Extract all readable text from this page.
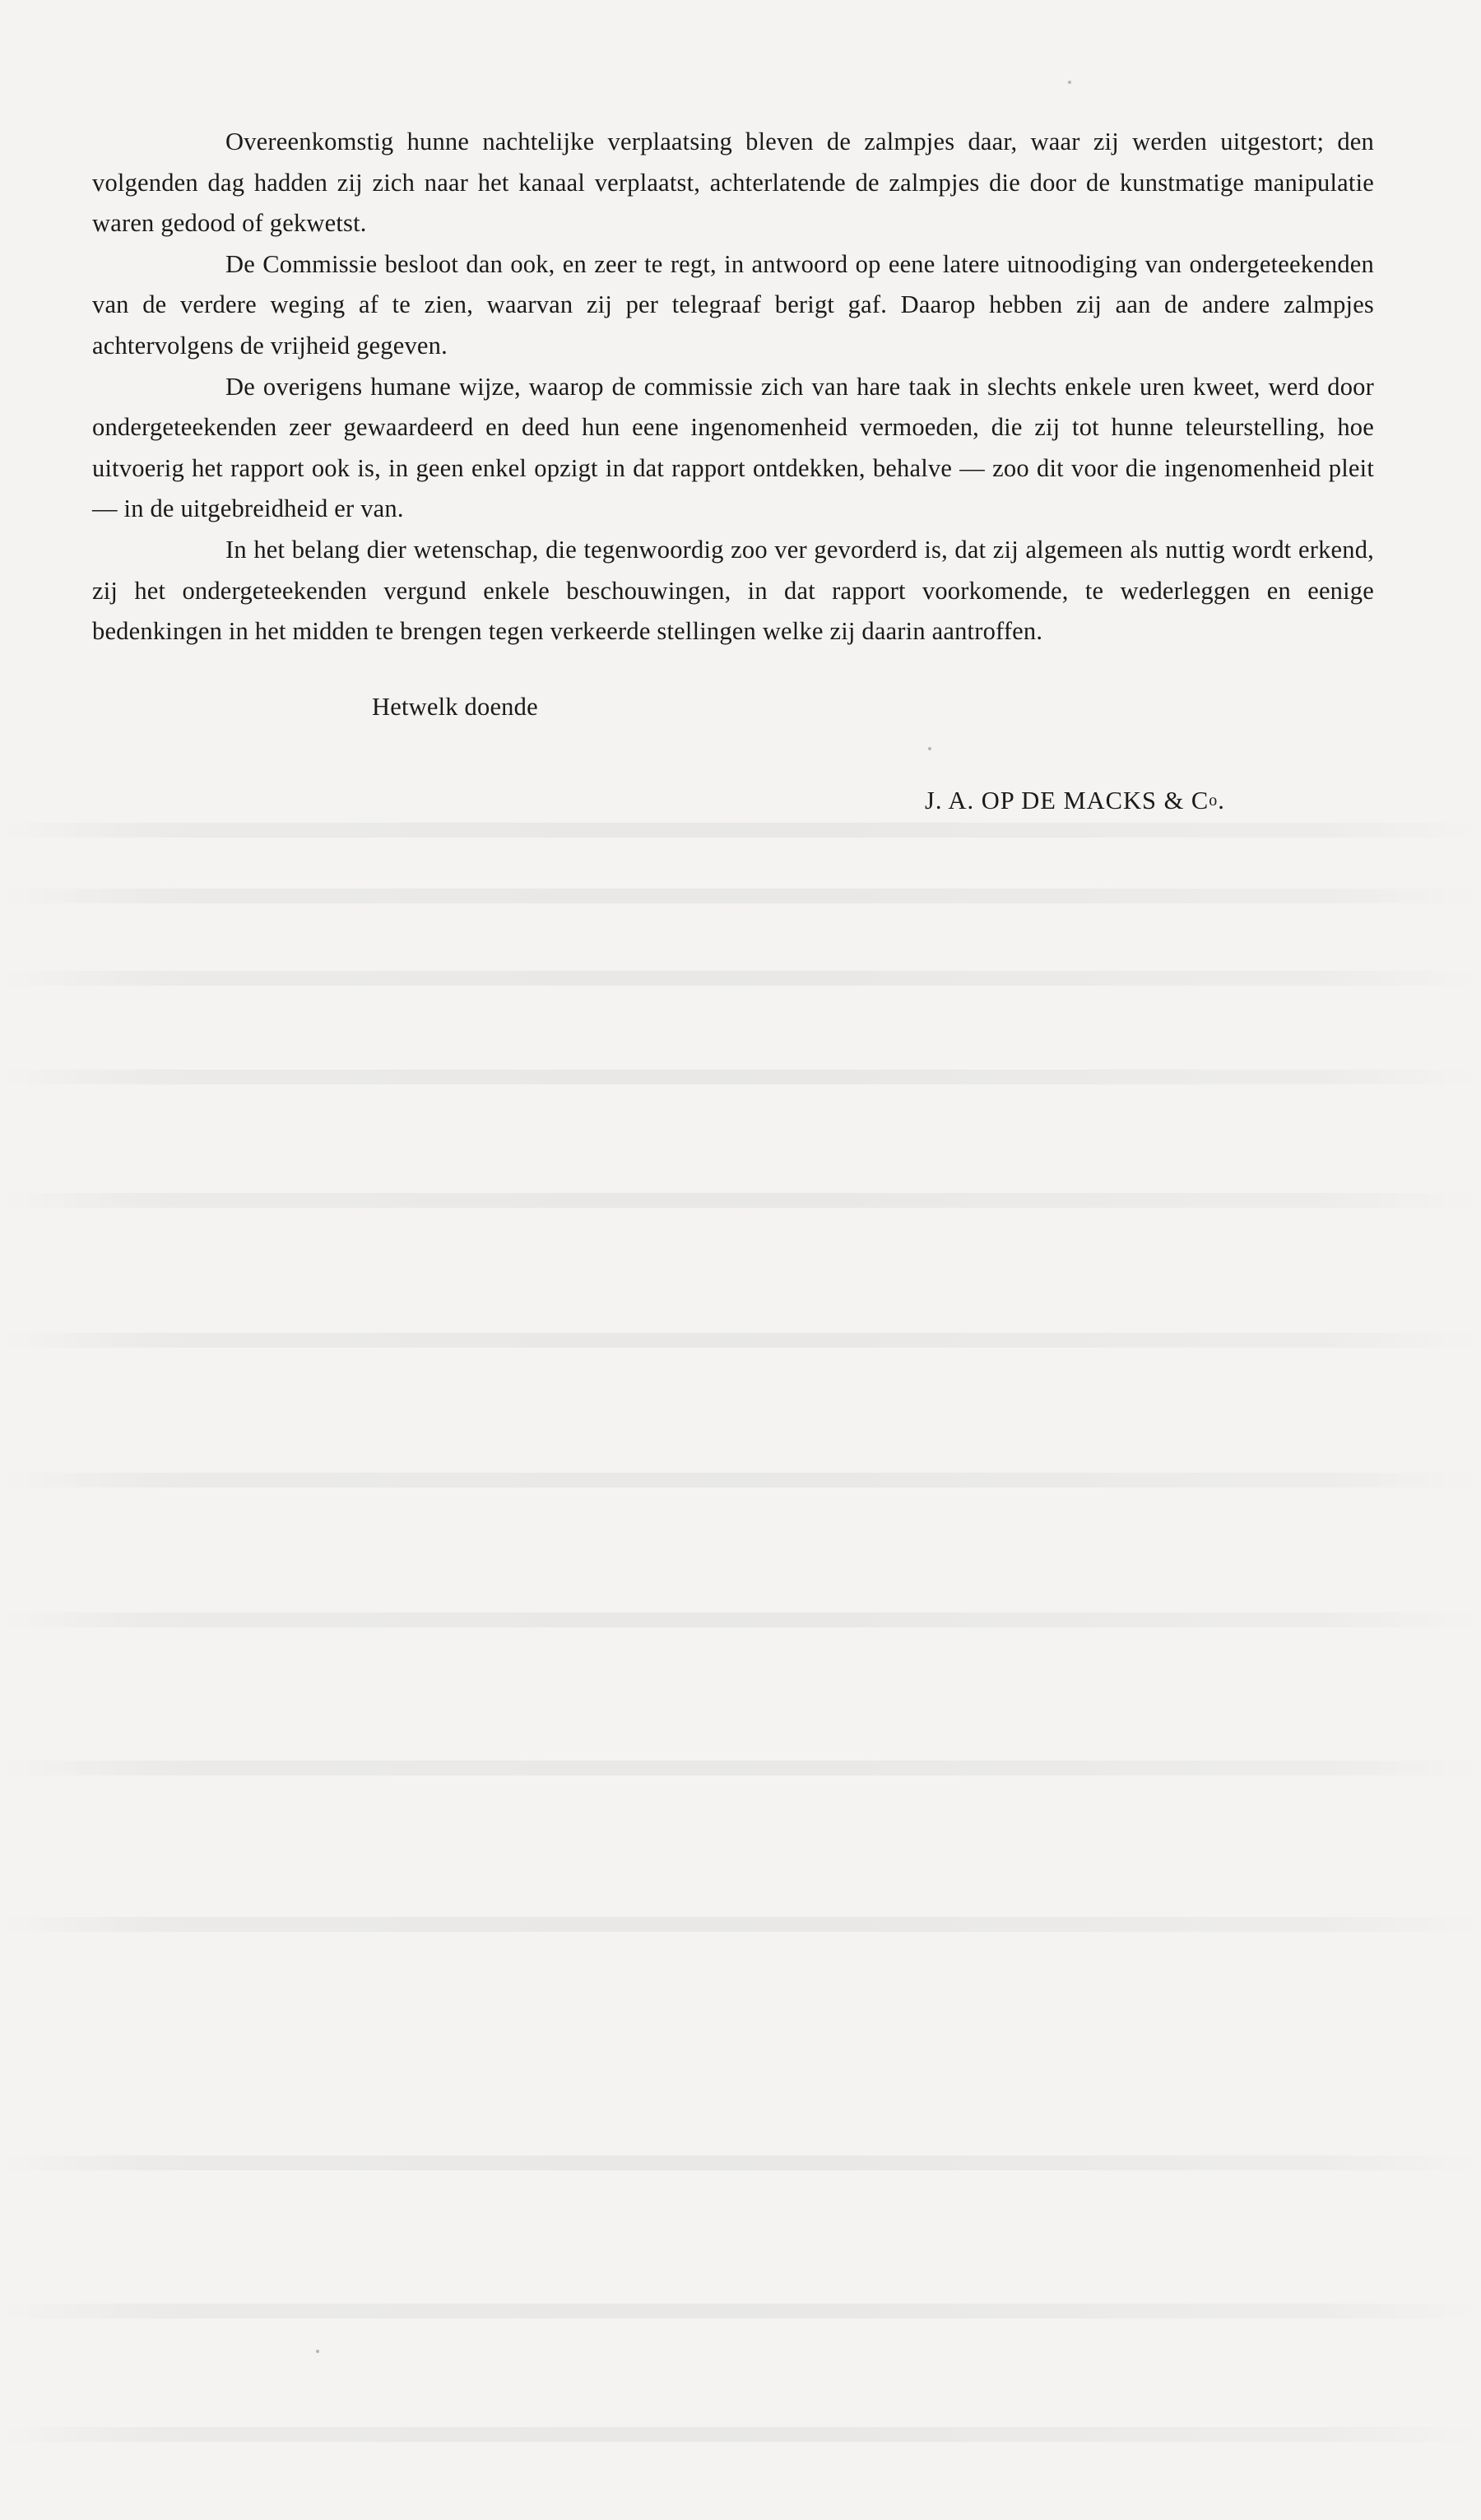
Overeenkomstig hunne nachtelijke verplaatsing bleven de zalmpjes daar, waar zij werden uitgestort; den volgenden dag hadden zij zich naar het kanaal verplaatst, achterlatende de zalmpjes die door de kunstmatige manipulatie waren gedood of gekwetst.

De Commissie besloot dan ook, en zeer te regt, in antwoord op eene latere uitnoodiging van ondergeteekenden van de verdere weging af te zien, waarvan zij per telegraaf berigt gaf. Daarop hebben zij aan de andere zalmpjes achtervolgens de vrijheid gegeven.

De overigens humane wijze, waarop de commissie zich van hare taak in slechts enkele uren kweet, werd door ondergeteekenden zeer gewaardeerd en deed hun eene ingenomenheid vermoeden, die zij tot hunne teleurstelling, hoe uitvoerig het rapport ook is, in geen enkel opzigt in dat rapport ontdekken, behalve — zoo dit voor die ingenomenheid pleit — in de uitgebreidheid er van.

In het belang dier wetenschap, die tegenwoordig zoo ver gevorderd is, dat zij algemeen als nuttig wordt erkend, zij het ondergeteekenden vergund enkele beschouwingen, in dat rapport voorkomende, te wederleggen en eenige bedenkingen in het midden te brengen tegen verkeerde stellingen welke zij daarin aantroffen.

Hetwelk doende
J. A. OP DE MACKS & $C^o$.
